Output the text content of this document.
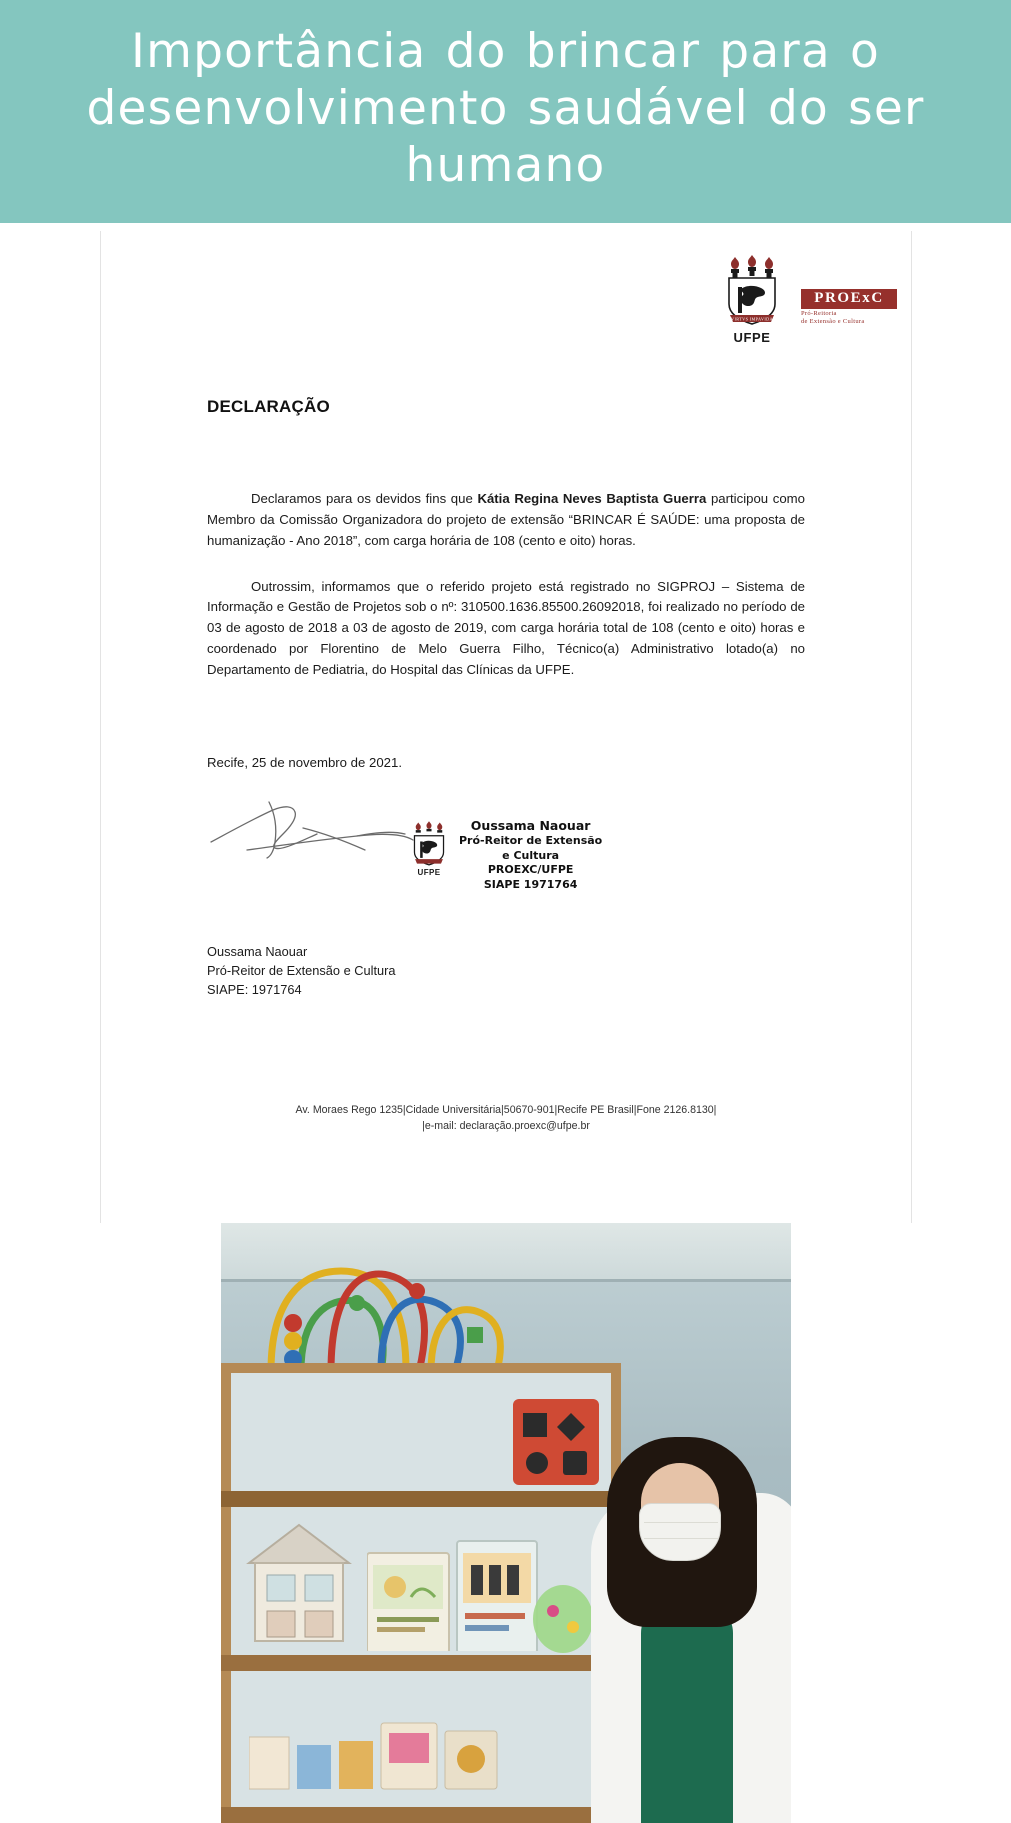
Importância do brincar para o desenvolvimento saudável do ser humano
VIRTVS IMPAVIDA
UFPE
PROExC
Pró-Reitoria
de Extensão e Cultura
DECLARAÇÃO

Declaramos para os devidos fins que Kátia Regina Neves Baptista Guerra participou como Membro da Comissão Organizadora do projeto de extensão “BRINCAR É SAÚDE: uma proposta de humanização - Ano 2018”, com carga horária de 108 (cento e oito) horas.

Outrossim, informamos que o referido projeto está registrado no SIGPROJ – Sistema de Informação e Gestão de Projetos sob o nº: 310500.1636.85500.26092018, foi realizado no período de 03 de agosto de 2018 a 03 de agosto de 2019, com carga horária total de 108 (cento e oito) horas e coordenado por Florentino de Melo Guerra Filho, Técnico(a) Administrativo lotado(a) no Departamento de Pediatria, do Hospital das Clínicas da UFPE.

Recife, 25 de novembro de 2021.
UFPE
Oussama Naouar
Pró-Reitor de Extensão
e Cultura
PROEXC/UFPE
SIAPE 1971764
Oussama Naouar
Pró-Reitor de Extensão e Cultura
SIAPE: 1971764
Av. Moraes Rego 1235|Cidade Universitária|50670-901|Recife PE Brasil|Fone 2126.8130|
|e-mail: declaração.proexc@ufpe.br
